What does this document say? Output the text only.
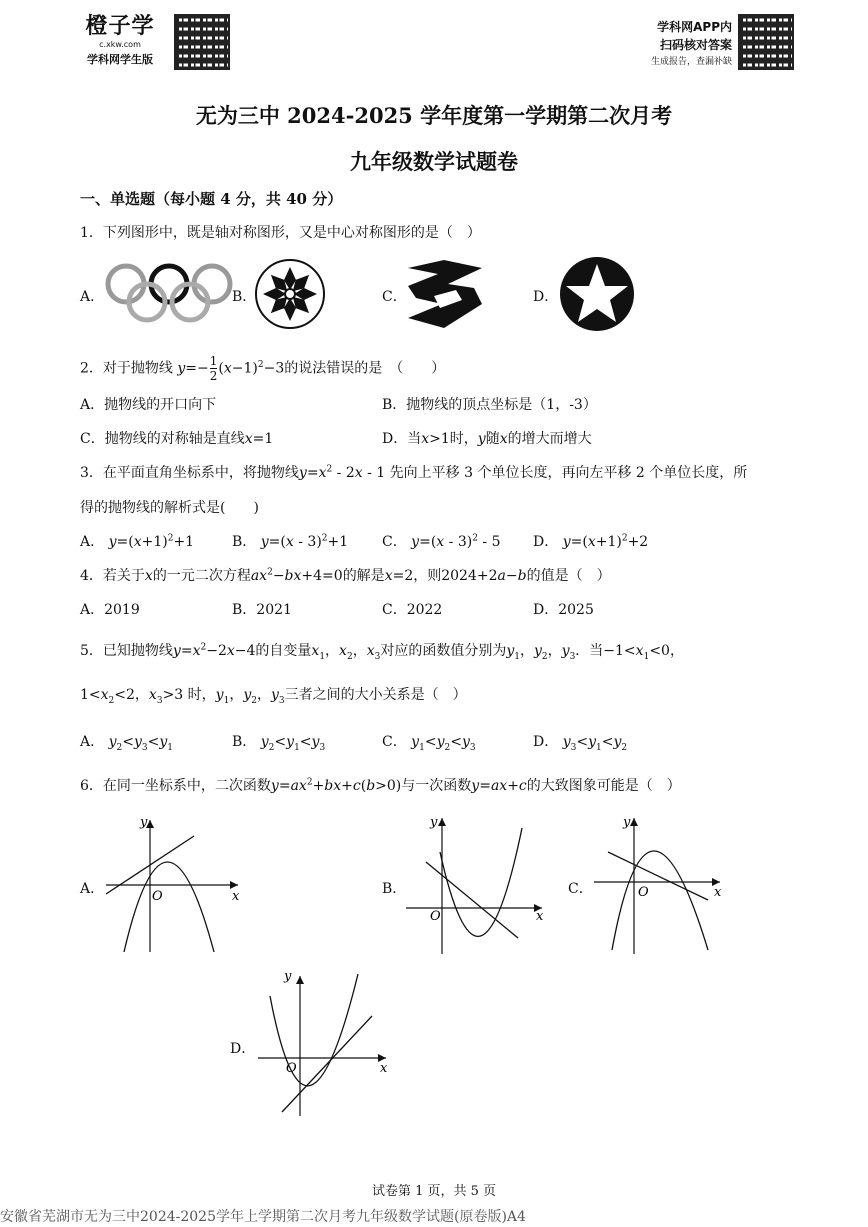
橙子学
c.xkw.com
学科网学生版
学科网APP内
扫码核对答案
生成报告，查漏补缺
无为三中 2024-2025 学年度第一学期第二次月考
九年级数学试题卷
一、单选题（每小题 4 分，共 40 分）
1．下列图形中，既是轴对称图形，又是中心对称图形的是（　）
A．	B．	C．	D．
2．对于抛物线 $y=- \frac{1}{2} (x-1)^2-3$的说法错误的是　（　　）
A．抛物线的开口向下	B．抛物线的顶点坐标是（1，-3）
C．抛物线的对称轴是直线x=1	D．当x>1时，y随x的增大而增大
3．在平面直角坐标系中，将抛物线$y=x^2 - 2x - 1$ 先向上平移 3 个单位长度，再向左平移 2 个单位长度，所
得的抛物线的解析式是(　　)
A． $y=(x+1)^2+1$	B． y=(x - 3)$^2$+1 C． y=(x - 3)$^2$ - 5 D． $y=(x+1)^2+2$
4．若关于x的一元二次方程$ax^2-bx+4=0$的解是x=2，则2024+2a−b的值是（　）
A．2019	B．2021	C．2022	D．2025
5．已知抛物线$y=x^2-2x-4$的自变量$x_1$，$x_2$，$x_3$对应的函数值分别为$y_1$，$y_2$，$y_3$．当$-1<x_1<0$，
$1<x_2<2$，$x_3>3$ 时，$y_1$，$y_2$，$y_3$三者之间的大小关系是（　）
A． $y_2<y_3<y_1$	B． $y_2<y_1<y_3$	C． $y_1<y_2<y_3$	D． $y_3<y_1<y_2$
6．在同一坐标系中，二次函数$y=ax^2+bx+c(b>0)$与一次函数y=ax+c的大致图象可能是（　）
A．
y
x
O	B．
y
x
O
C．
y
x
O
D．
y
x
O
试卷第 1 页，共 5 页
安徽省芜湖市无为三中2024-2025学年上学期第二次月考九年级数学试题(原卷版)A4
